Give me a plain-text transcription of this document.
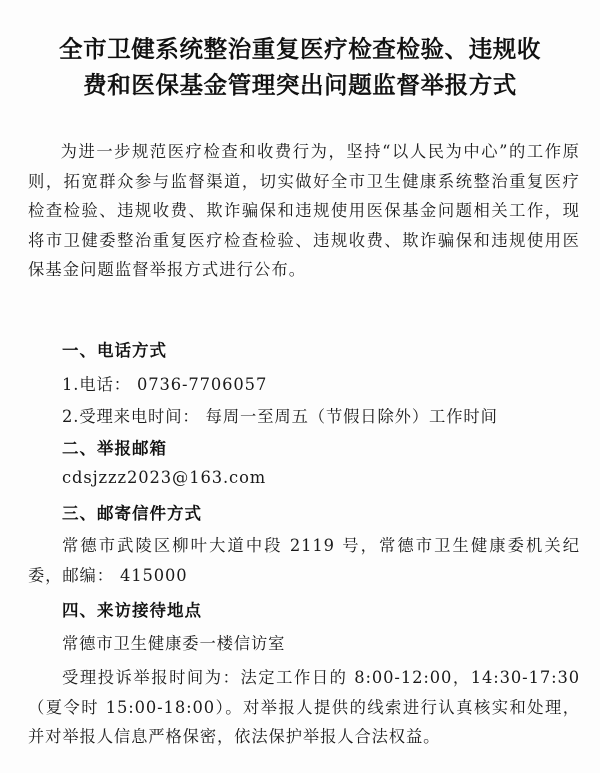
全市卫健系统整治重复医疗检查检验、违规收
费和医保基金管理突出问题监督举报方式
为进一步规范医疗检查和收费行为，坚持“以人民为中心”的工作原则，拓宽群众参与监督渠道，切实做好全市卫生健康系统整治重复医疗检查检验、违规收费、欺诈骗保和违规使用医保基金问题相关工作，现将市卫健委整治重复医疗检查检验、违规收费、欺诈骗保和违规使用医保基金问题监督举报方式进行公布。
一、电话方式
1.电话： 0736-7706057
2.受理来电时间： 每周一至周五（节假日除外）工作时间
二、举报邮箱
cdsjzzz2023@163.com
三、邮寄信件方式
常德市武陵区柳叶大道中段 2119 号，常德市卫生健康委机关纪委，邮编： 415000
四、来访接待地点
常德市卫生健康委一楼信访室
受理投诉举报时间为：法定工作日的 8:00-12:00，14:30-17:30（夏令时 15:00-18:00）。对举报人提供的线索进行认真核实和处理，并对举报人信息严格保密，依法保护举报人合法权益。
